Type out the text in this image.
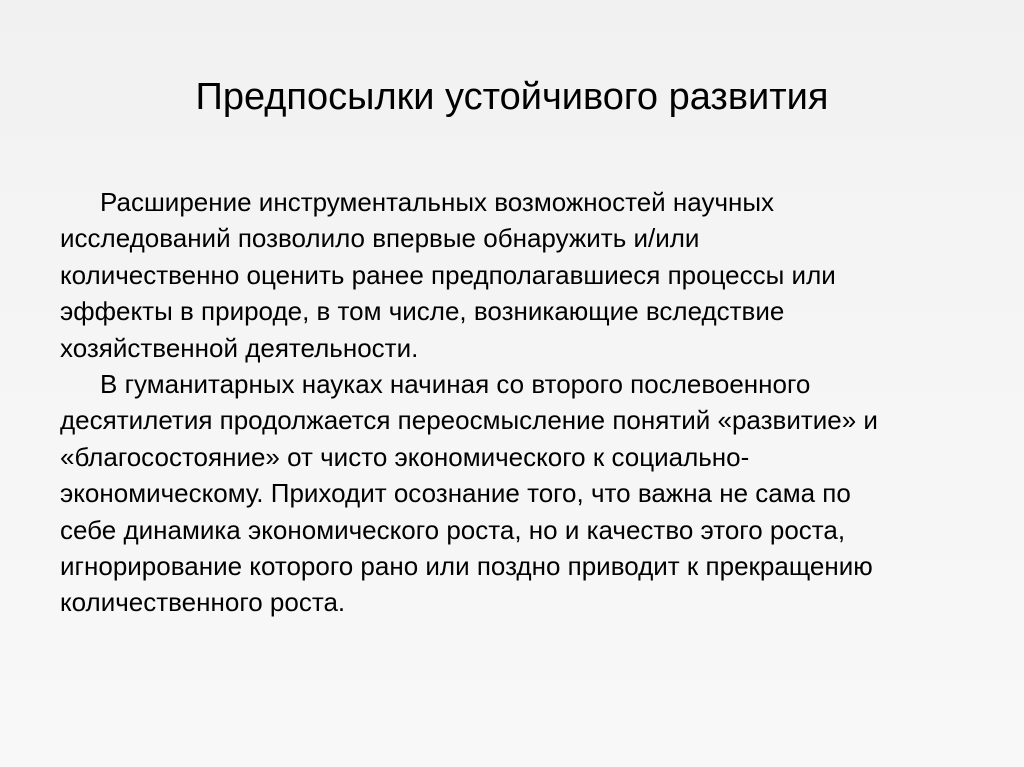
Предпосылки устойчивого развития

Расширение инструментальных возможностей научных
исследований позволило впервые обнаружить и/или
количественно оценить ранее предполагавшиеся процессы или
эффекты в природе, в том числе, возникающие вследствие
хозяйственной деятельности.

В гуманитарных науках начиная со второго послевоенного
десятилетия продолжается переосмысление понятий «развитие» и
«благосостояние» от чисто экономического к социально-
экономическому. Приходит осознание того, что важна не сама по
себе динамика экономического роста, но и качество этого роста,
игнорирование которого рано или поздно приводит к прекращению
количественного роста.
